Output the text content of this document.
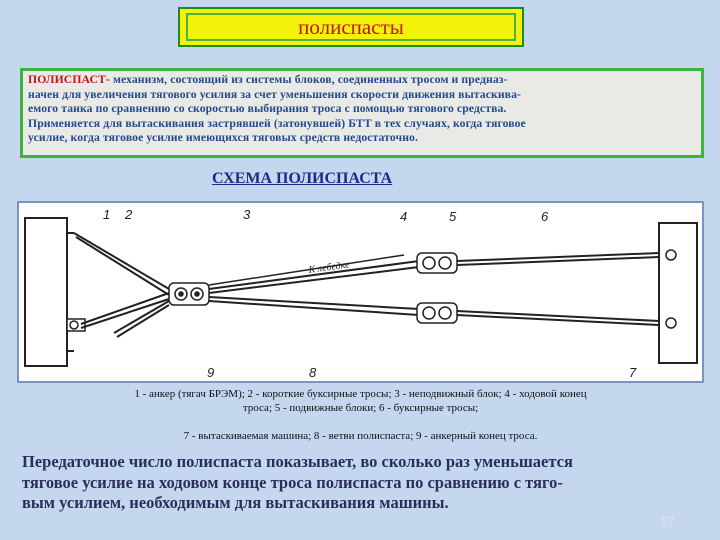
полиспасты
ПОЛИСПАСТ- механизм, состоящий из системы блоков, соединенных тросом и предназ-
начен для увеличения тягового усилия за счет уменьшения скорости движения вытаскива-
емого танка по сравнению со скоростью выбирания троса с помощью тягового средства.
Применяется для вытаскивания застрявшей (затонувшей) БТТ в тех случаях, когда тяговое
усилие, когда тяговое усилие имеющихся тяговых средств недостаточно.
СХЕМА ПОЛИСПАСТА
К лебедке
1 2	3	4	5	6
7
8
9
1 - анкер (тягач БРЭМ); 2 - короткие буксирные тросы; 3 - неподвижный блок; 4 - ходовой конец
троса; 5 - подвижные блоки; 6 - буксирные тросы;
7 - вытаскиваемая машина; 8 - ветви полиспаста; 9 - анкерный конец троса.
Передаточное число полиспаста показывает, во сколько раз уменьшается
тяговое усилие на ходовом конце троса полиспаста по сравнению с тяго-
вым усилием, необходимым для вытаскивания машины.
17
